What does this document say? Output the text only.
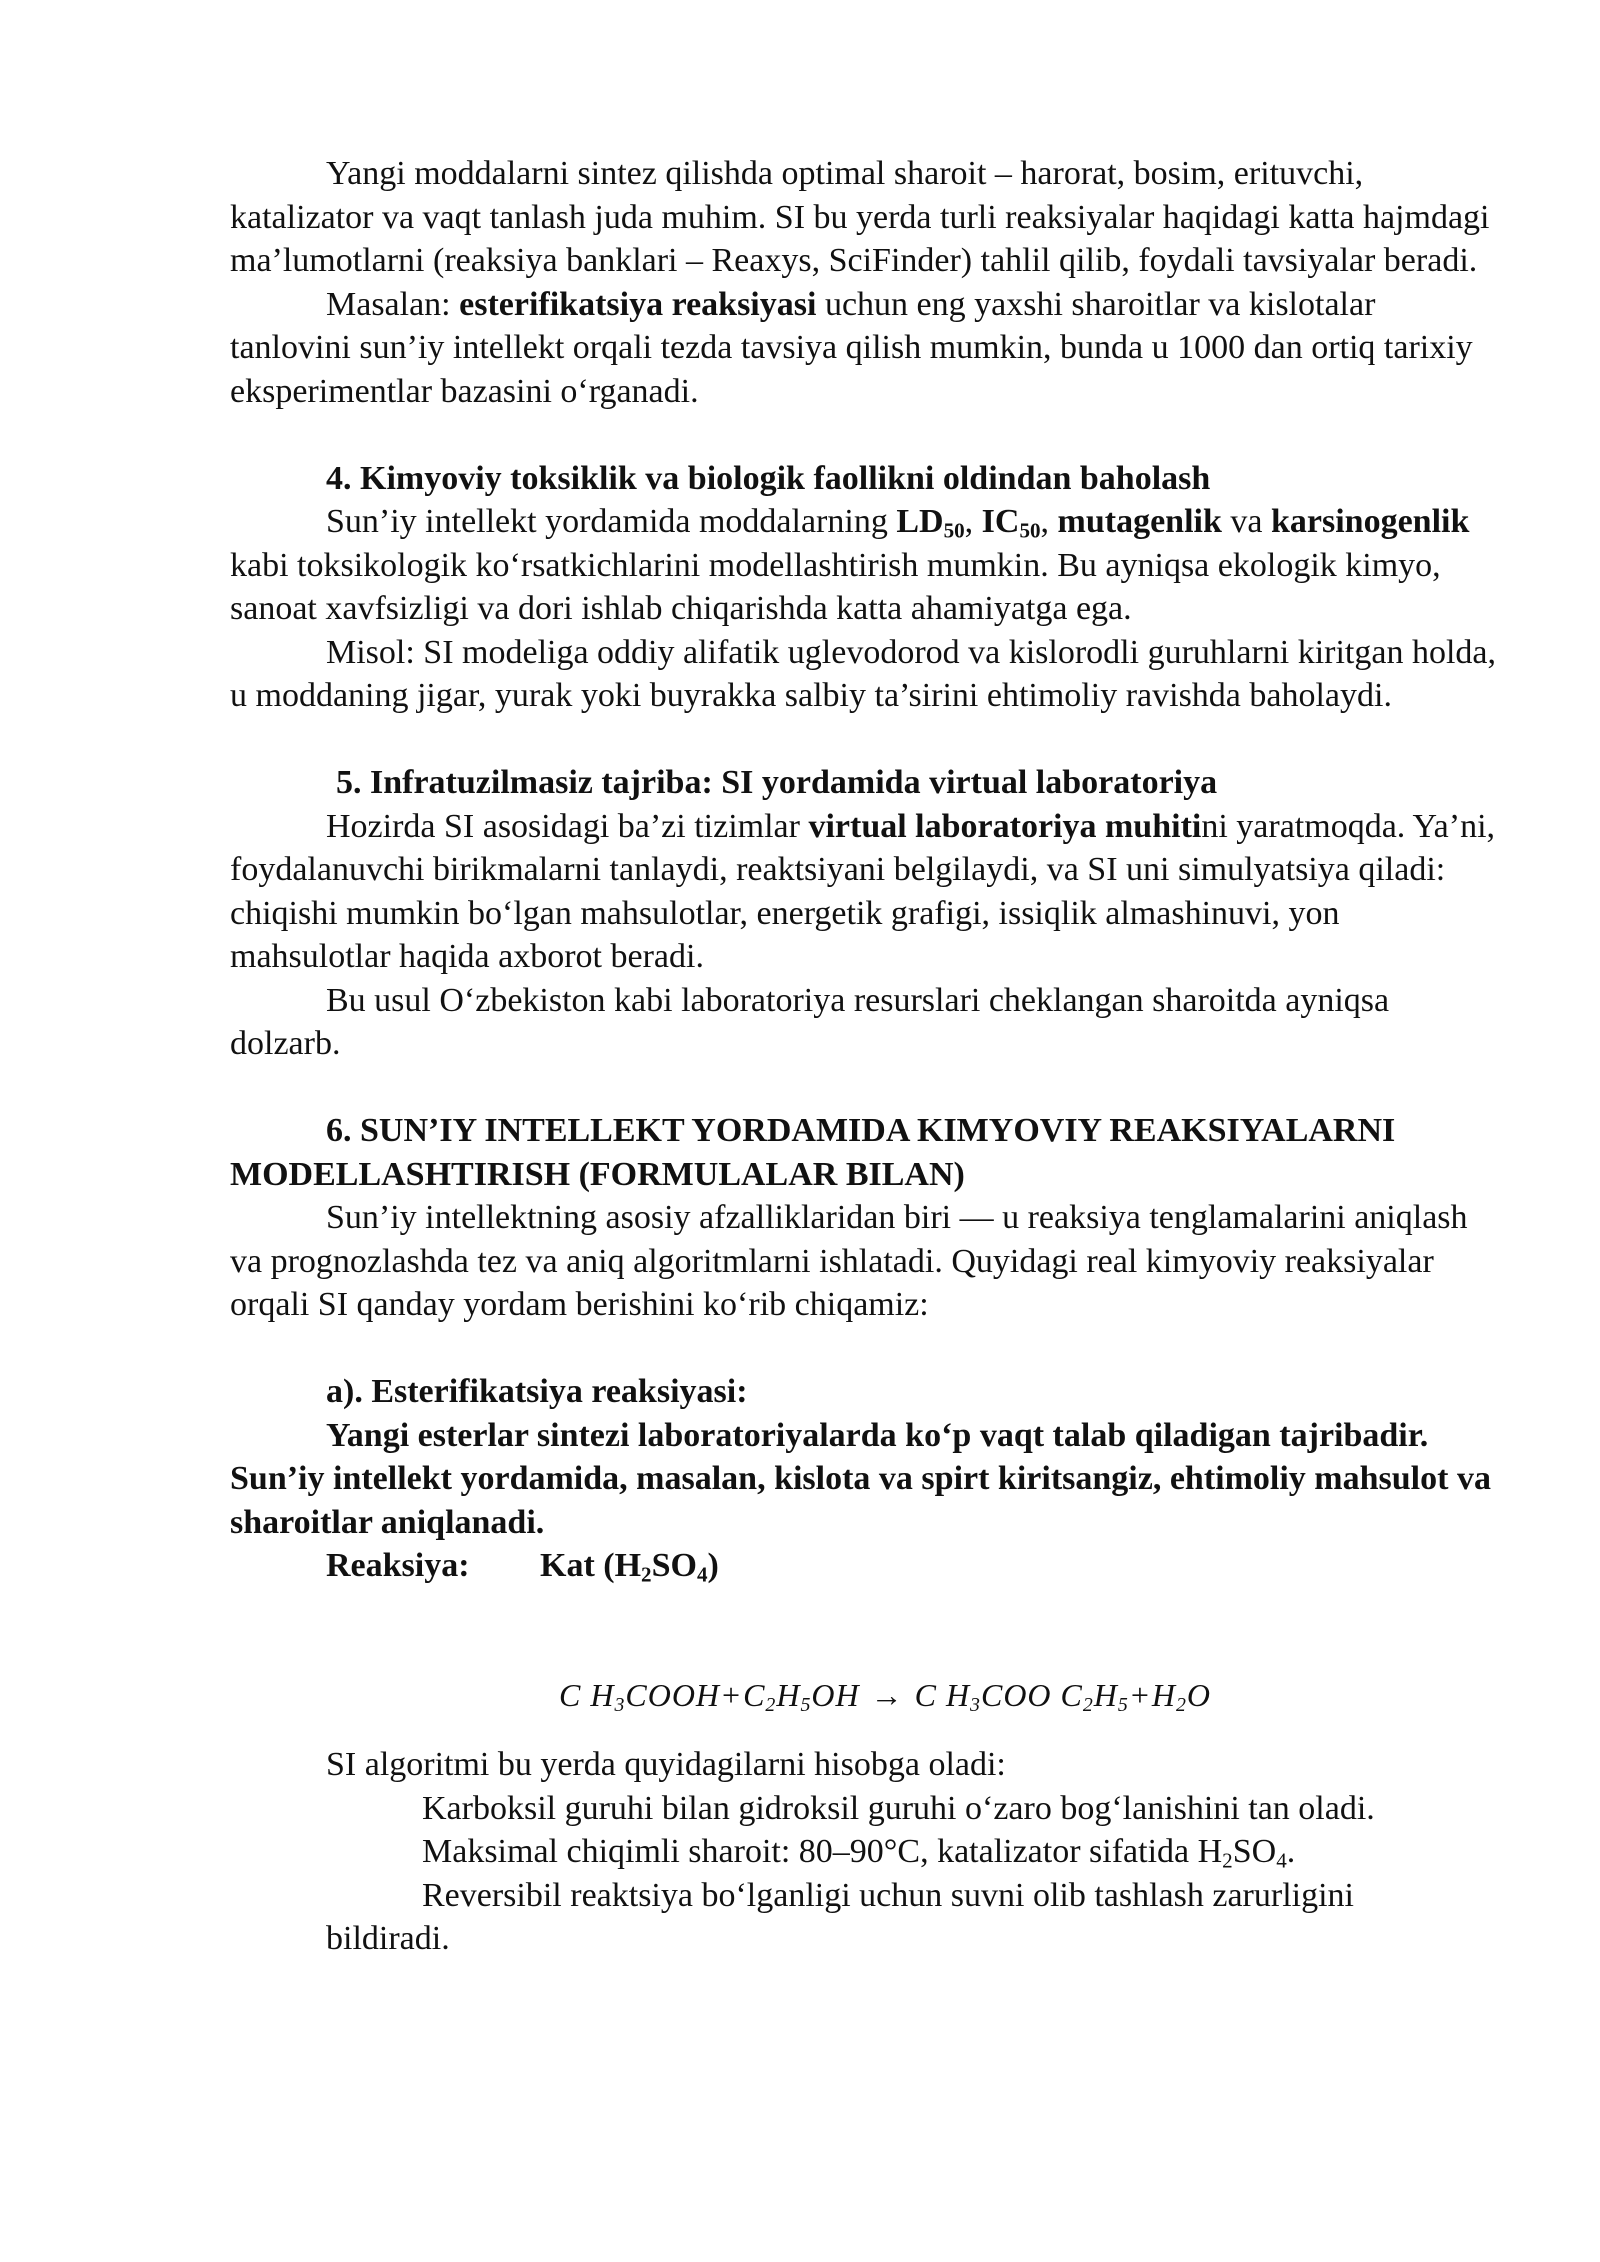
Yangi moddalarni sintez qilishda optimal sharoit – harorat, bosim, erituvchi, katalizator va vaqt tanlash juda muhim. SI bu yerda turli reaksiyalar haqidagi katta hajmdagi ma’lumotlarni (reaksiya banklari – Reaxys, SciFinder) tahlil qilib, foydali tavsiyalar beradi.

Masalan: esterifikatsiya reaksiyasi uchun eng yaxshi sharoitlar va kislotalar tanlovini sun’iy intellekt orqali tezda tavsiya qilish mumkin, bunda u 1000 dan ortiq tarixiy eksperimentlar bazasini o‘rganadi.

4. Kimyoviy toksiklik va biologik faollikni oldindan baholash

Sun’iy intellekt yordamida moddalarning $LD_{50}$, $IC_{50}$, mutagenlik va karsinogenlik kabi toksikologik ko‘rsatkichlarini modellashtirish mumkin. Bu ayniqsa ekologik kimyo, sanoat xavfsizligi va dori ishlab chiqarishda katta ahamiyatga ega.

Misol: SI modeliga oddiy alifatik uglevodorod va kislorodli guruhlarni kiritgan holda, u moddaning jigar, yurak yoki buyrakka salbiy ta’sirini ehtimoliy ravishda baholaydi.

5. Infratuzilmasiz tajriba: SI yordamida virtual laboratoriya

Hozirda SI asosidagi ba’zi tizimlar virtual laboratoriya muhitini yaratmoqda. Ya’ni, foydalanuvchi birikmalarni tanlaydi, reaktsiyani belgilaydi, va SI uni simulyatsiya qiladi: chiqishi mumkin bo‘lgan mahsulotlar, energetik grafigi, issiqlik almashinuvi, yon mahsulotlar haqida axborot beradi.

Bu usul O‘zbekiston kabi laboratoriya resurslari cheklangan sharoitda ayniqsa dolzarb.

6. SUN’IY INTELLEKT YORDAMIDA KIMYOVIY REAKSIYALARNI MODELLASHTIRISH (FORMULALAR BILAN)

Sun’iy intellektning asosiy afzalliklaridan biri — u reaksiya tenglamalarini aniqlash va prognozlashda tez va aniq algoritmlarni ishlatadi. Quyidagi real kimyoviy reaksiyalar orqali SI qanday yordam berishini ko‘rib chiqamiz:

a). Esterifikatsiya reaksiyasi:

Yangi esterlar sintezi laboratoriyalarda ko‘p vaqt talab qiladigan tajribadir. Sun’iy intellekt yordamida, masalan, kislota va spirt kiritsangiz, ehtimoliy mahsulot va sharoitlar aniqlanadi.

Reaksiya:	Kat $(H_2SO_4)$
C $H_3COOH+C_2H_5OH \to C$ $H_3COO$ $C_2H_5+H_2O$

SI algoritmi bu yerda quyidagilarni hisobga oladi:

Karboksil guruhi bilan gidroksil guruhi o‘zaro bog‘lanishini tan oladi.

Maksimal chiqimli sharoit: 80–90°C, katalizator sifatida $H_2SO_4$.

Reversibil reaktsiya bo‘lganligi uchun suvni olib tashlash zarurligini
bildiradi.
